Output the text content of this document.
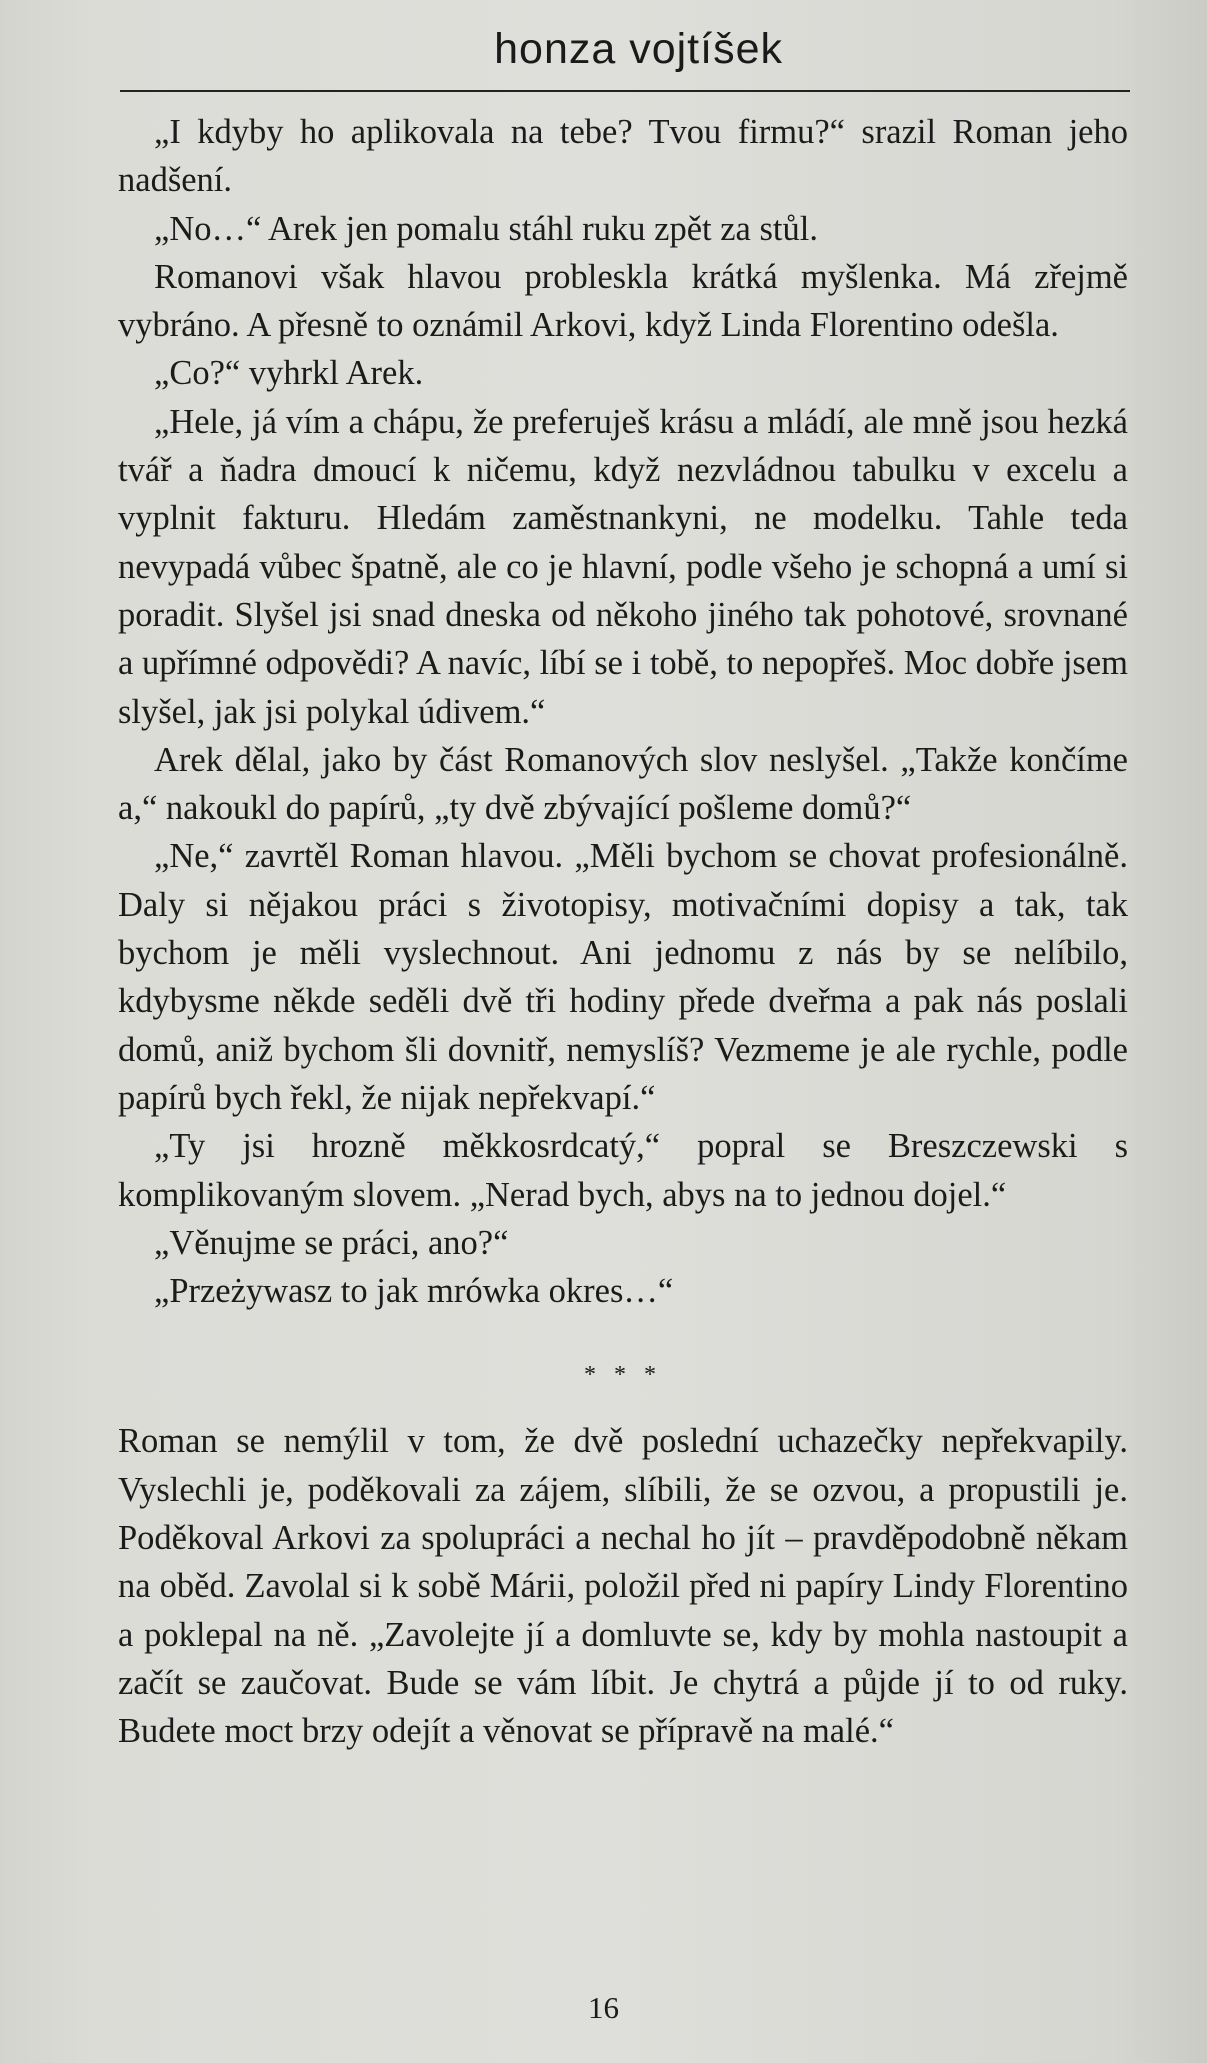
honza vojtíšek

„I kdyby ho aplikovala na tebe? Tvou firmu?“ srazil Roman jeho nadšení.

„No…“ Arek jen pomalu stáhl ruku zpět za stůl.

Romanovi však hlavou probleskla krátká myšlenka. Má zřejmě vybráno. A přesně to oznámil Arkovi, když Linda Florentino odešla.

„Co?“ vyhrkl Arek.

„Hele, já vím a chápu, že preferuješ krásu a mládí, ale mně jsou hezká tvář a ňadra dmoucí k ničemu, když nezvládnou tabulku v excelu a vyplnit fakturu. Hledám zaměstnankyni, ne modelku. Tahle teda nevypadá vůbec špatně, ale co je hlavní, podle všeho je schopná a umí si poradit. Slyšel jsi snad dneska od někoho jiného tak pohotové, srovnané a upřímné odpovědi? A navíc, líbí se i tobě, to nepopřeš. Moc dobře jsem slyšel, jak jsi polykal údivem.“

Arek dělal, jako by část Romanových slov neslyšel. „Takže končíme a,“ nakoukl do papírů, „ty dvě zbývající pošleme domů?“

„Ne,“ zavrtěl Roman hlavou. „Měli bychom se chovat profesionálně. Daly si nějakou práci s životopisy, motivačními dopisy a tak, tak bychom je měli vyslechnout. Ani jednomu z nás by se nelíbilo, kdybysme někde seděli dvě tři hodiny přede dveřma a pak nás poslali domů, aniž bychom šli dovnitř, nemyslíš? Vezmeme je ale rychle, podle papírů bych řekl, že nijak nepřekvapí.“

„Ty jsi hrozně měkkosrdcatý,“ popral se Breszczewski s komplikovaným slovem. „Nerad bych, abys na to jednou dojel.“

„Věnujme se práci, ano?“

„Przeżywasz to jak mrówka okres…“

* * *

Roman se nemýlil v tom, že dvě poslední uchazečky nepřekvapily. Vyslechli je, poděkovali za zájem, slíbili, že se ozvou, a propustili je. Poděkoval Arkovi za spolupráci a nechal ho jít – pravděpodobně někam na oběd. Zavolal si k sobě Márii, položil před ni papíry Lindy Florentino a poklepal na ně. „Zavolejte jí a domluvte se, kdy by mohla nastoupit a začít se zaučovat. Bude se vám líbit. Je chytrá a půjde jí to od ruky. Budete moct brzy odejít a věnovat se přípravě na malé.“

16
